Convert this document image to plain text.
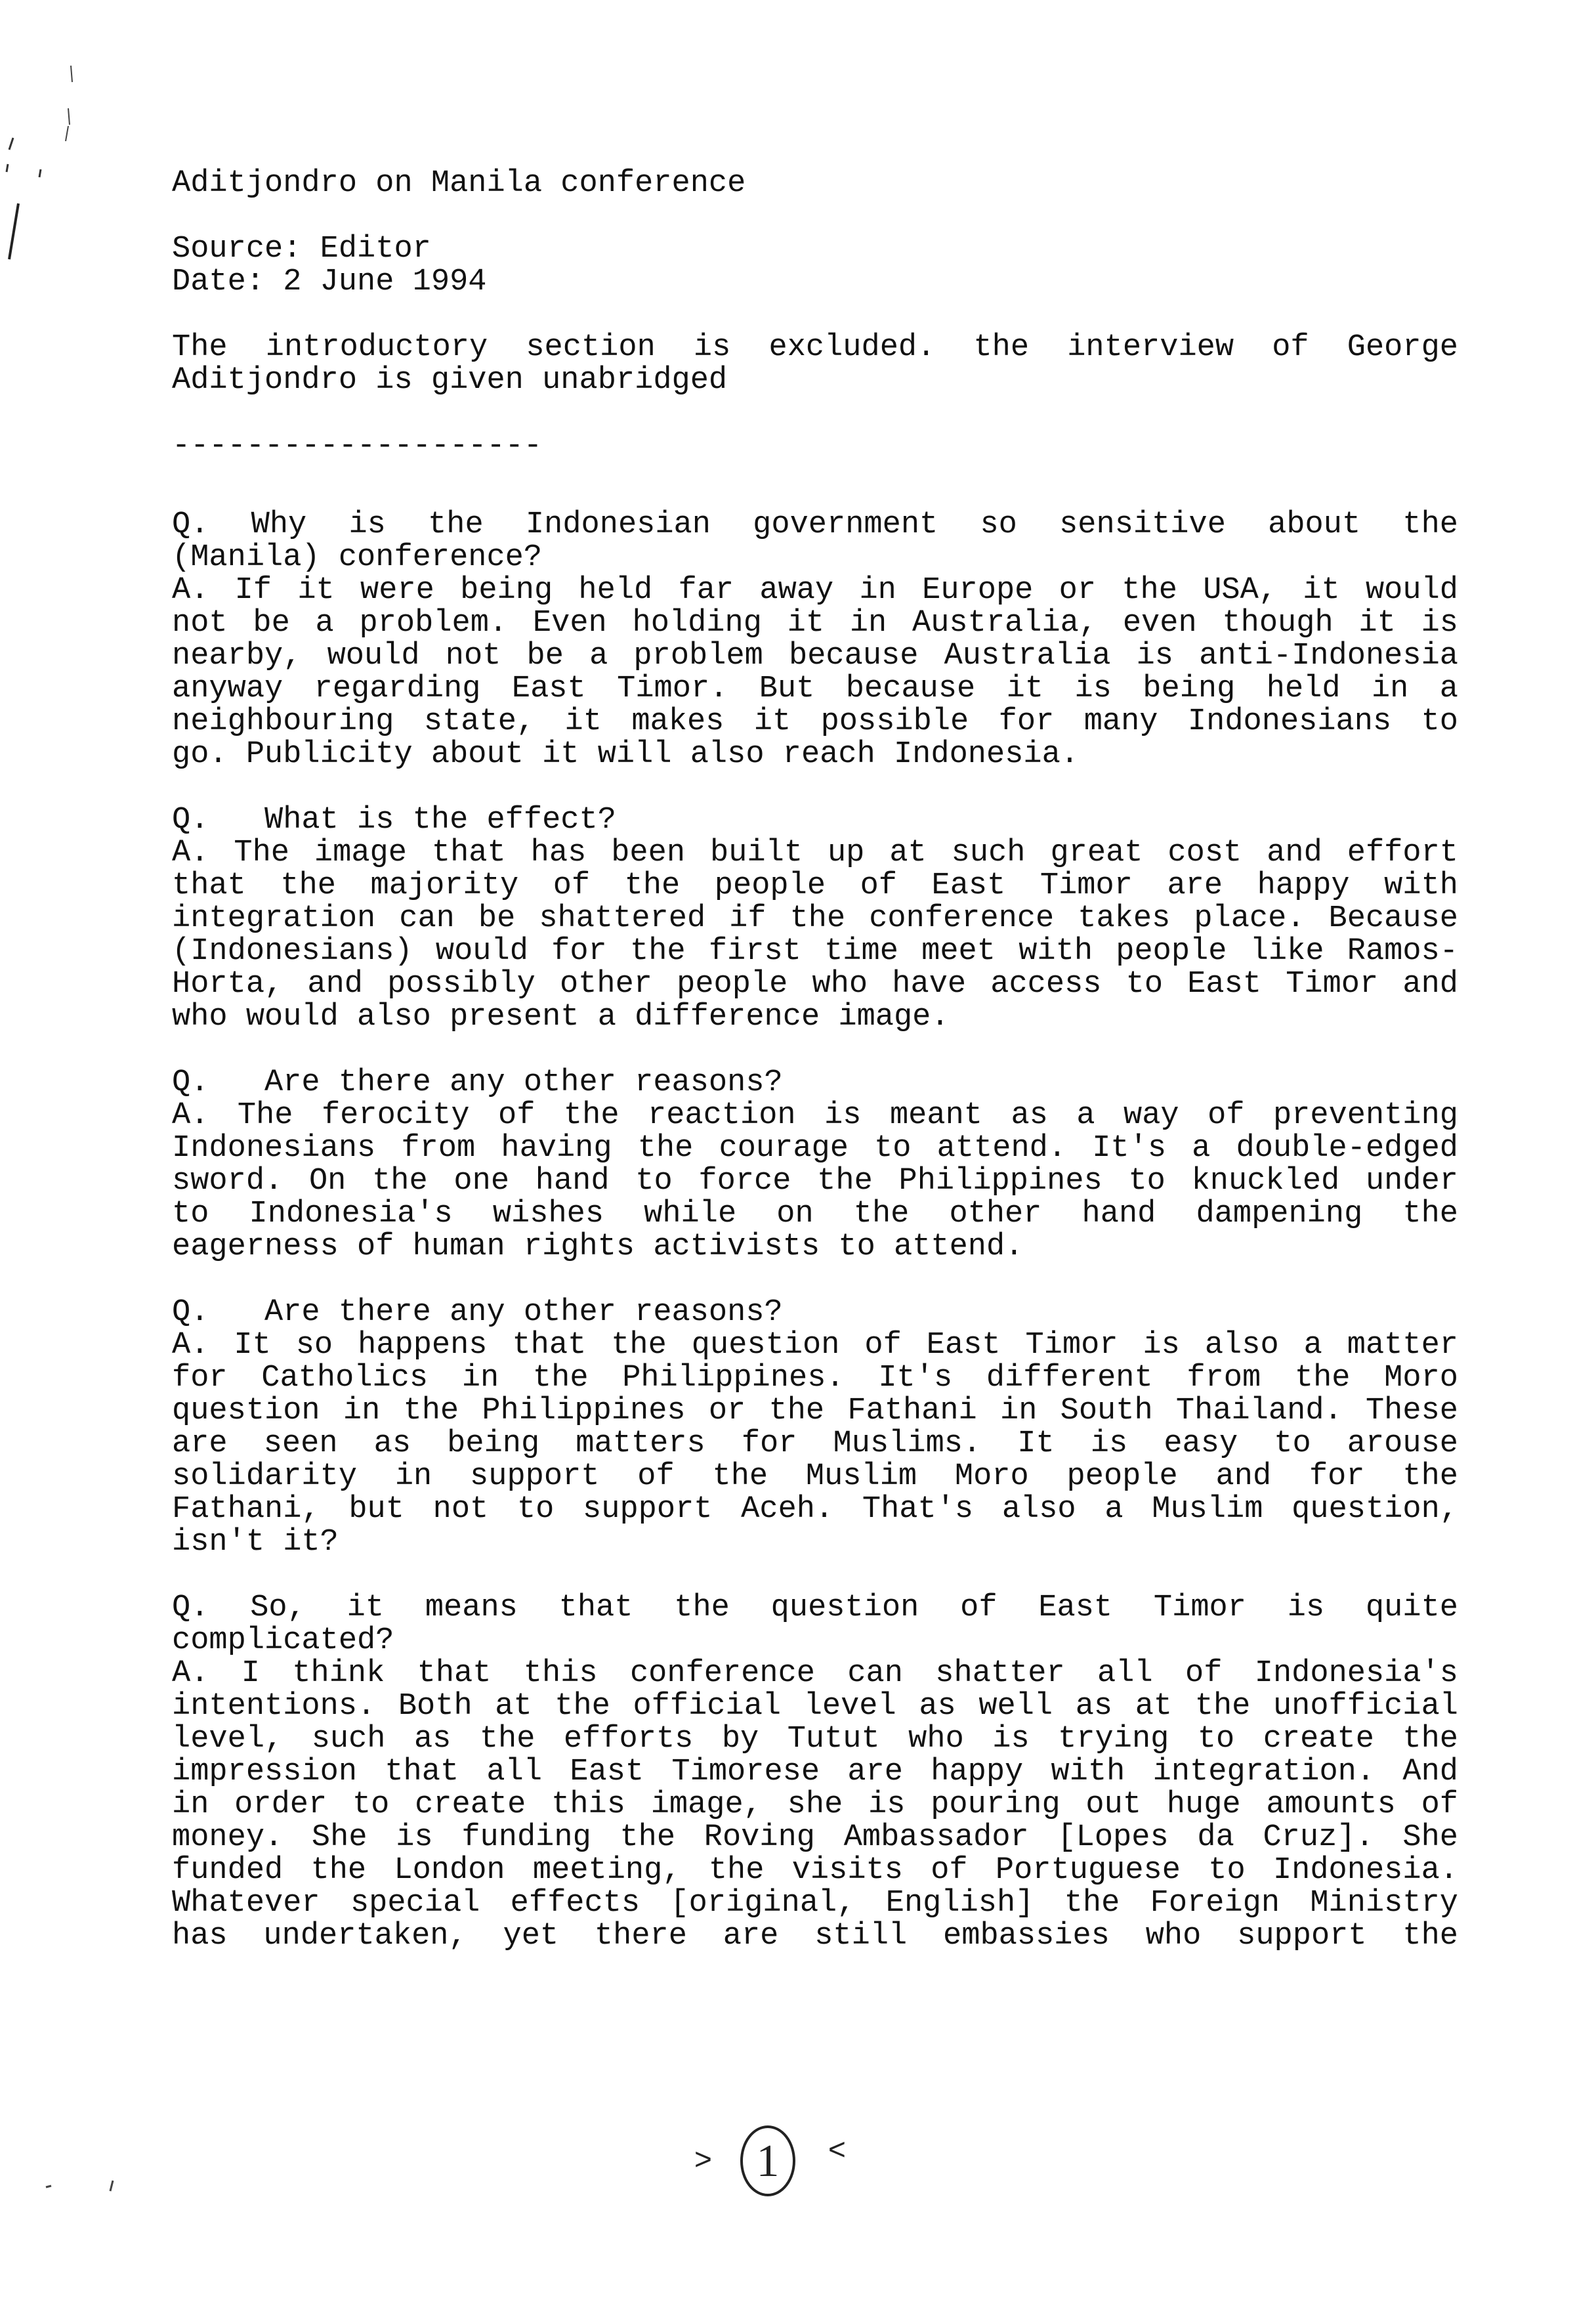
Aditjondro on Manila conference
Source: Editor
Date: 2 June 1994
The introductory section is excluded. the interview of George
Aditjondro is given unabridged
--------------------
Q. Why is the Indonesian government so sensitive about the
(Manila) conference?
A. If it were being held far away in Europe or the USA, it would
not be a problem. Even holding it in Australia, even though it is
nearby, would not be a problem because Australia is anti-Indonesia
anyway regarding East Timor. But because it is being held in a
neighbouring state, it makes it possible for many Indonesians to
go. Publicity about it will also reach Indonesia.
Q.   What is the effect?
A. The image that has been built up at such great cost and effort
that the majority of the people of East Timor are happy with
integration can be shattered if the conference takes place. Because
(Indonesians) would for the first time meet with people like Ramos-
Horta, and possibly other people who have access to East Timor and
who would also present a difference image.
Q.   Are there any other reasons?
A. The ferocity of the reaction is meant as a way of preventing
Indonesians from having the courage to attend. It's a double-edged
sword. On the one hand to force the Philippines to knuckled under
to Indonesia's wishes while on the other hand dampening the
eagerness of human rights activists to attend.
Q.   Are there any other reasons?
A. It so happens that the question of East Timor is also a matter
for Catholics in the Philippines. It's different from the Moro
question in the Philippines or the Fathani in South Thailand. These
are seen as being matters for Muslims. It is easy to arouse
solidarity in support of the Muslim Moro people and for the
Fathani, but not to support Aceh. That's also a Muslim question,
isn't it?
Q. So, it means that the question of East Timor is quite
complicated?
A. I think that this conference can shatter all of Indonesia's
intentions. Both at the official level as well as at the unofficial
level, such as the efforts by Tutut who is trying to create the
impression that all East Timorese are happy with integration. And
in order to create this image, she is pouring out huge amounts of
money. She is funding the Roving Ambassador [Lopes da Cruz]. She
funded the London meeting, the visits of Portuguese to Indonesia.
Whatever special effects [original, English] the Foreign Ministry
has undertaken, yet there are still embassies who support the
> 1 <
